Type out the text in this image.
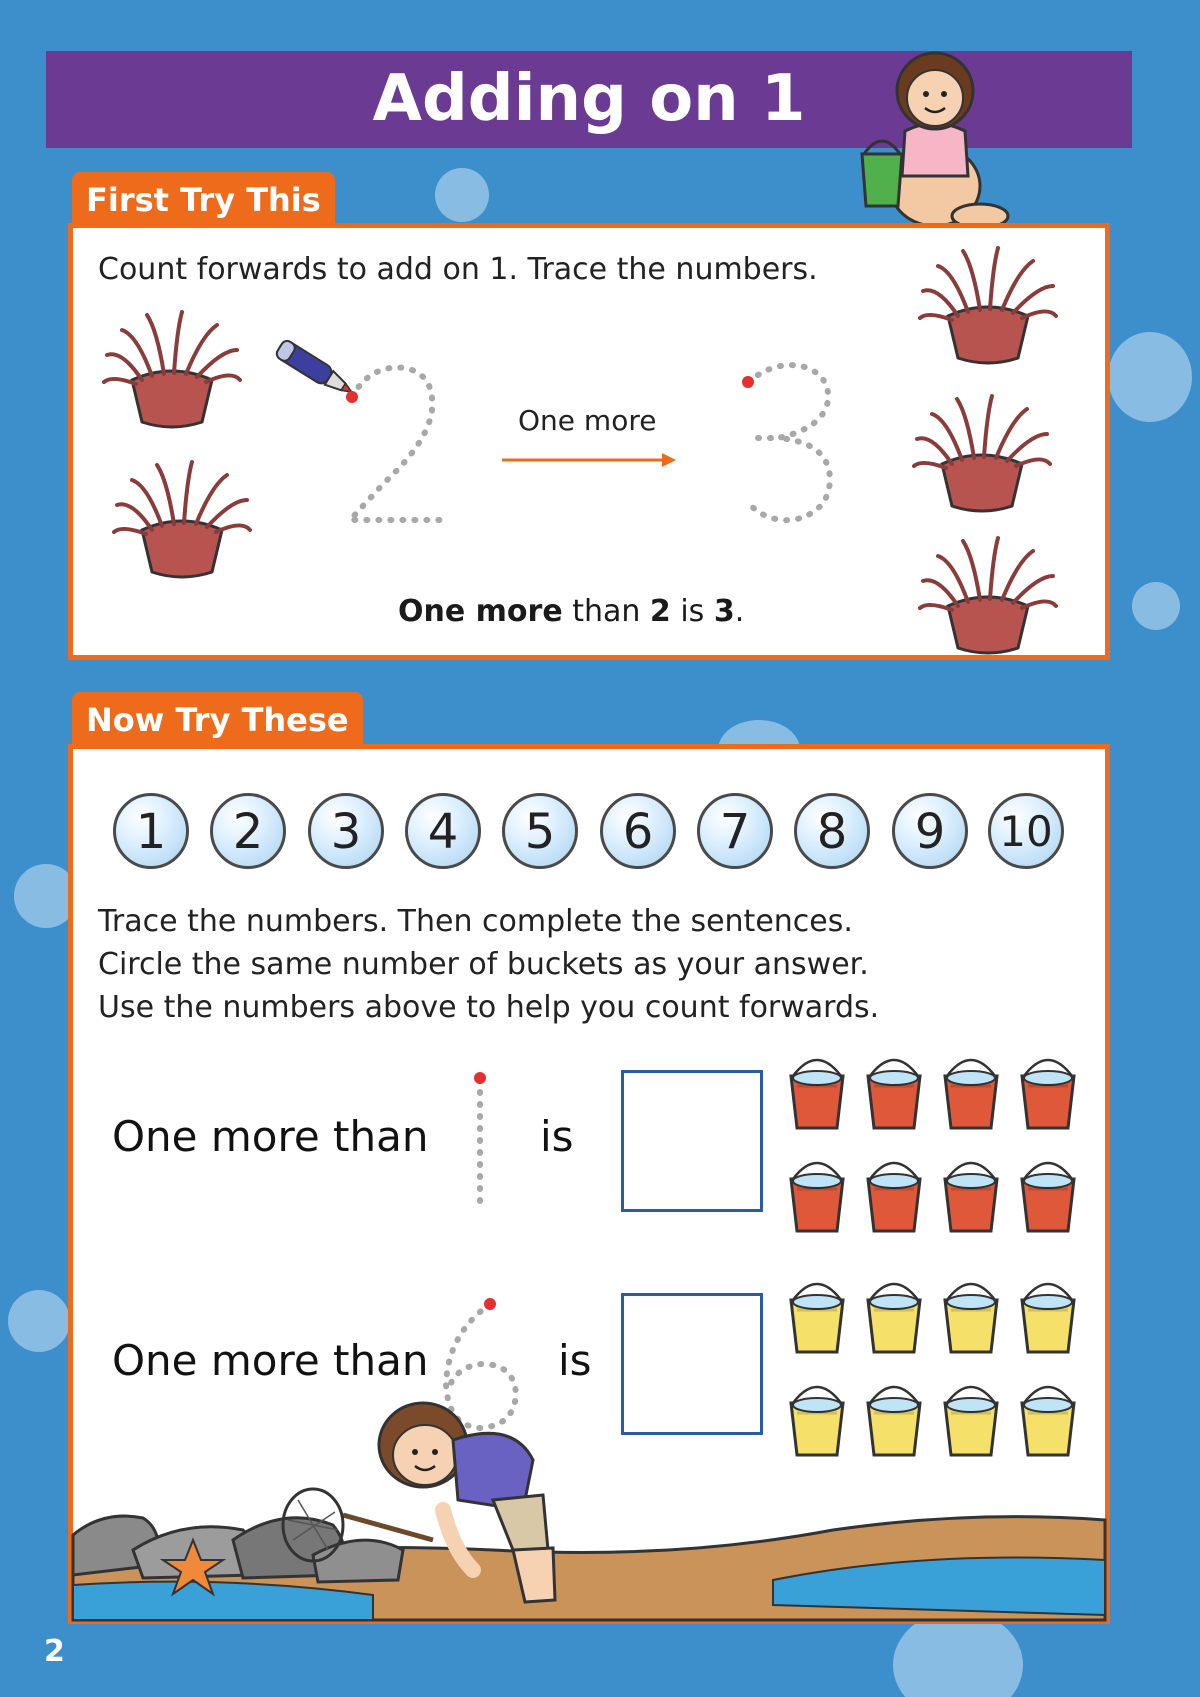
Adding on 1
First Try This
Count forwards to add on 1. Trace the numbers.
One more
One more than 2 is 3.
Now Try These
1	2	3	4	5	6	7	8	9	10
Trace the numbers. Then complete the sentences.
Circle the same number of buckets as your answer.
Use the numbers above to help you count forwards.
One more than	is
One more than	is
2
